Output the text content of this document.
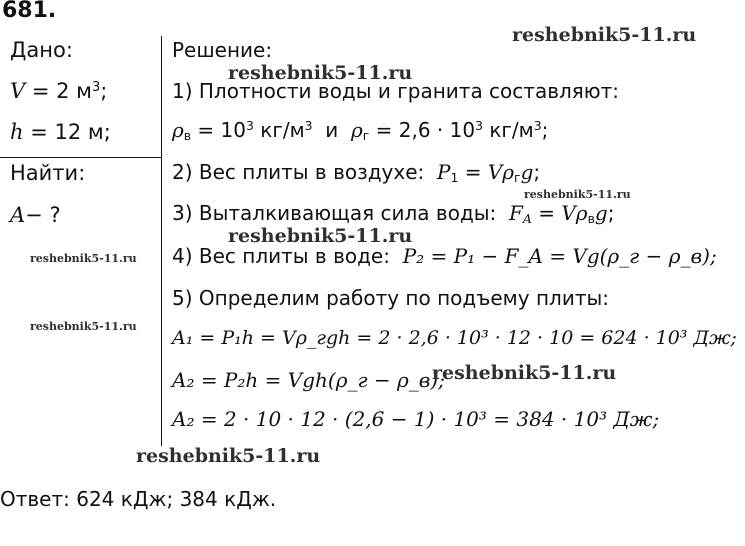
681.
Дано:
V = 2 $м^3$;
h = 12 м;
Найти:
A− ?
Решение:
1) Плотности воды и гранита составляют:
$\rho_в = 10^3$ $кг/м^3$  и  $\rho_г = 2,6 \cdot 10^3$ $кг/м^3$;
2) Вес плиты в воздухе:  $P_1 = V\rho_гg$;
3) Выталкивающая сила воды:  $F_A = V\rho_вg$;
4) Вес плиты в воде:  P₂ = P₁ − F_A = Vg(ρ_г − ρ_в);
5) Определим работу по подъему плиты:
A₁ = P₁h = Vρ_гgh = 2 · 2,6 · 10³ · 12 · 10 = 624 · 10³ Дж;
A₂ = P₂h = Vgh(ρ_г − ρ_в);
A₂ = 2 · 10 · 12 · (2,6 − 1) · 10³ = 384 · 10³ Дж;
Ответ: 624 кДж; 384 кДж.
reshebnik5-11.ru
reshebnik5-11.ru
reshebnik5-11.ru
reshebnik5-11.ru
reshebnik5-11.ru
reshebnik5-11.ru
reshebnik5-11.ru
reshebnik5-11.ru
